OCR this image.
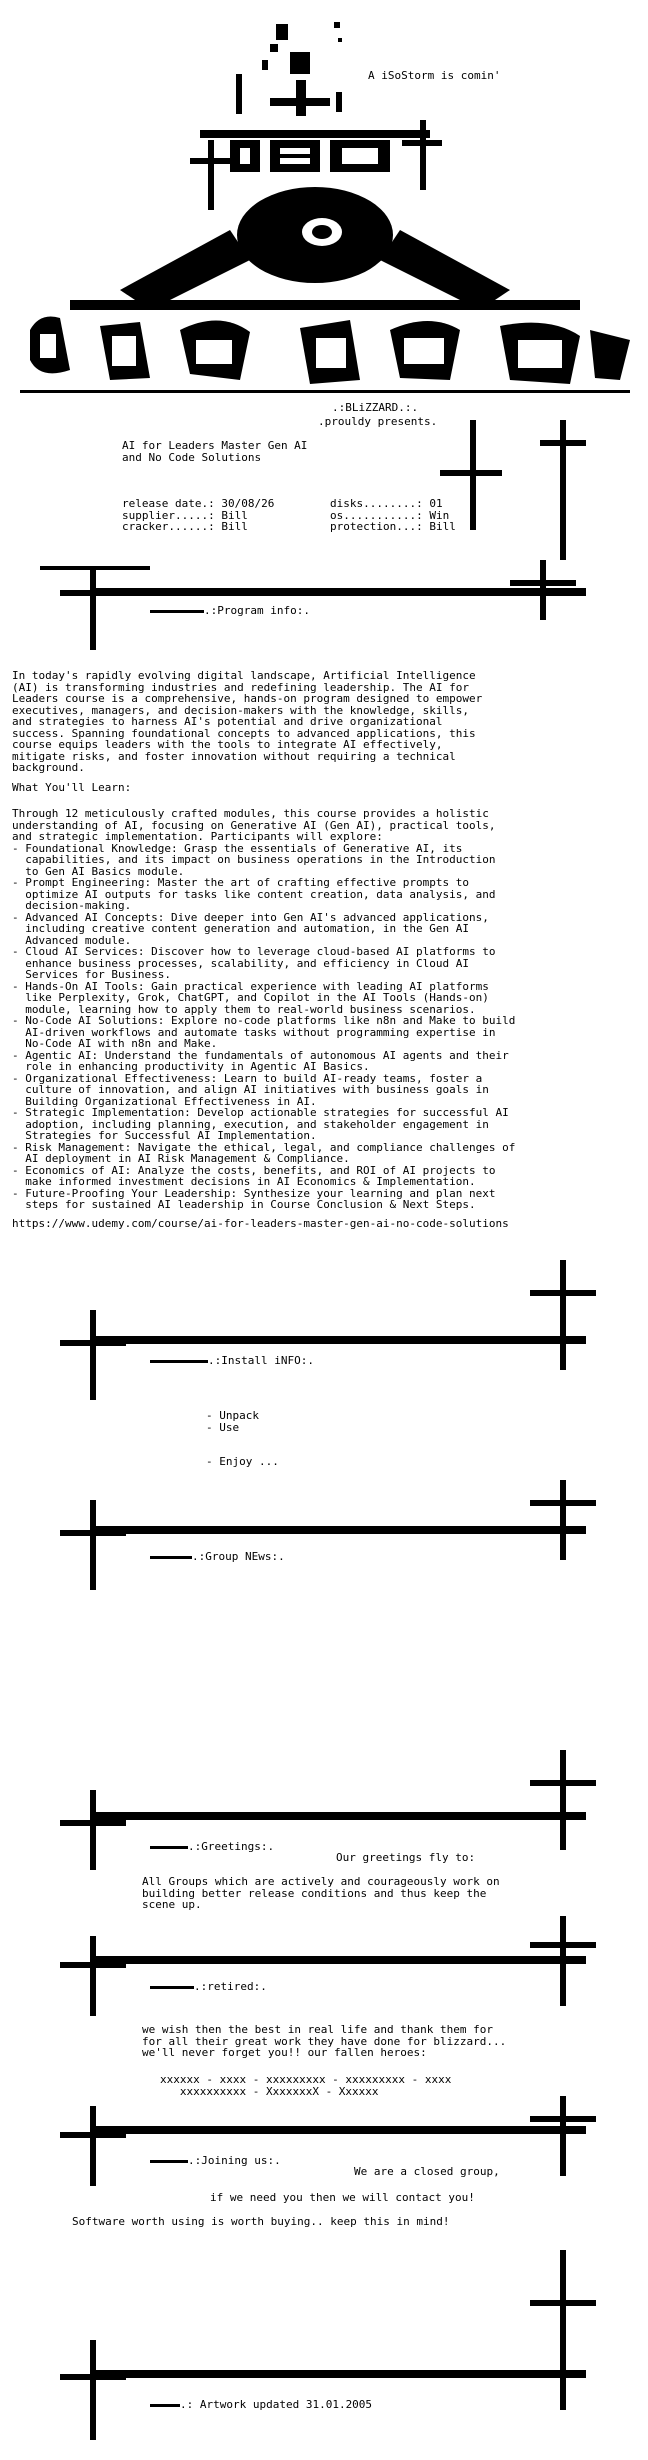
A iSoStorm is comin'
.:BLiZZARD.:.
.prouldy presents.
AI for Leaders Master Gen AI
and No Code Solutions
release date.: 30/08/26
supplier.....: Bill
cracker......: Bill
disks........: 01
os...........: Win
protection...: Bill
.:Program info:.
In today's rapidly evolving digital landscape, Artificial Intelligence
(AI) is transforming industries and redefining leadership. The AI for
Leaders course is a comprehensive, hands-on program designed to empower
executives, managers, and decision-makers with the knowledge, skills,
and strategies to harness AI's potential and drive organizational
success. Spanning foundational concepts to advanced applications, this
course equips leaders with the tools to integrate AI effectively,
mitigate risks, and foster innovation without requiring a technical
background.
What You'll Learn:
Through 12 meticulously crafted modules, this course provides a holistic
understanding of AI, focusing on Generative AI (Gen AI), practical tools,
and strategic implementation. Participants will explore:
- Foundational Knowledge: Grasp the essentials of Generative AI, its
capabilities, and its impact on business operations in the Introduction
to Gen AI Basics module.
- Prompt Engineering: Master the art of crafting effective prompts to
optimize AI outputs for tasks like content creation, data analysis, and
decision-making.
- Advanced AI Concepts: Dive deeper into Gen AI's advanced applications,
including creative content generation and automation, in the Gen AI
Advanced module.
- Cloud AI Services: Discover how to leverage cloud-based AI platforms to
enhance business processes, scalability, and efficiency in Cloud AI
Services for Business.
- Hands-On AI Tools: Gain practical experience with leading AI platforms
like Perplexity, Grok, ChatGPT, and Copilot in the AI Tools (Hands-on)
module, learning how to apply them to real-world business scenarios.
- No-Code AI Solutions: Explore no-code platforms like n8n and Make to build
AI-driven workflows and automate tasks without programming expertise in
No-Code AI with n8n and Make.
- Agentic AI: Understand the fundamentals of autonomous AI agents and their
role in enhancing productivity in Agentic AI Basics.
- Organizational Effectiveness: Learn to build AI-ready teams, foster a
culture of innovation, and align AI initiatives with business goals in
Building Organizational Effectiveness in AI.
- Strategic Implementation: Develop actionable strategies for successful AI
adoption, including planning, execution, and stakeholder engagement in
Strategies for Successful AI Implementation.
- Risk Management: Navigate the ethical, legal, and compliance challenges of
AI deployment in AI Risk Management & Compliance.
- Economics of AI: Analyze the costs, benefits, and ROI of AI projects to
make informed investment decisions in AI Economics & Implementation.
- Future-Proofing Your Leadership: Synthesize your learning and plan next
steps for sustained AI leadership in Course Conclusion & Next Steps.
https://www.udemy.com/course/ai-for-leaders-master-gen-ai-no-code-solutions
.:Install iNFO:.
- Unpack
- Use

- Enjoy ...
.:Group NEws:.
.:Greetings:.
Our greetings fly to:
All Groups which are actively and courageously work on
building better release conditions and thus keep the
scene up.
.:retired:.
we wish then the best in real life and thank them for
for all their great work they have done for blizzard...
we'll never forget you!! our fallen heroes:
xxxxxx - xxxx - xxxxxxxxx - xxxxxxxxx - xxxx
xxxxxxxxxx - XxxxxxxX - Xxxxxx
.:Joining us:.
We are a closed group,
if we need you then we will contact you!
Software worth using is worth buying.. keep this in mind!
.: Artwork updated 31.01.2005
